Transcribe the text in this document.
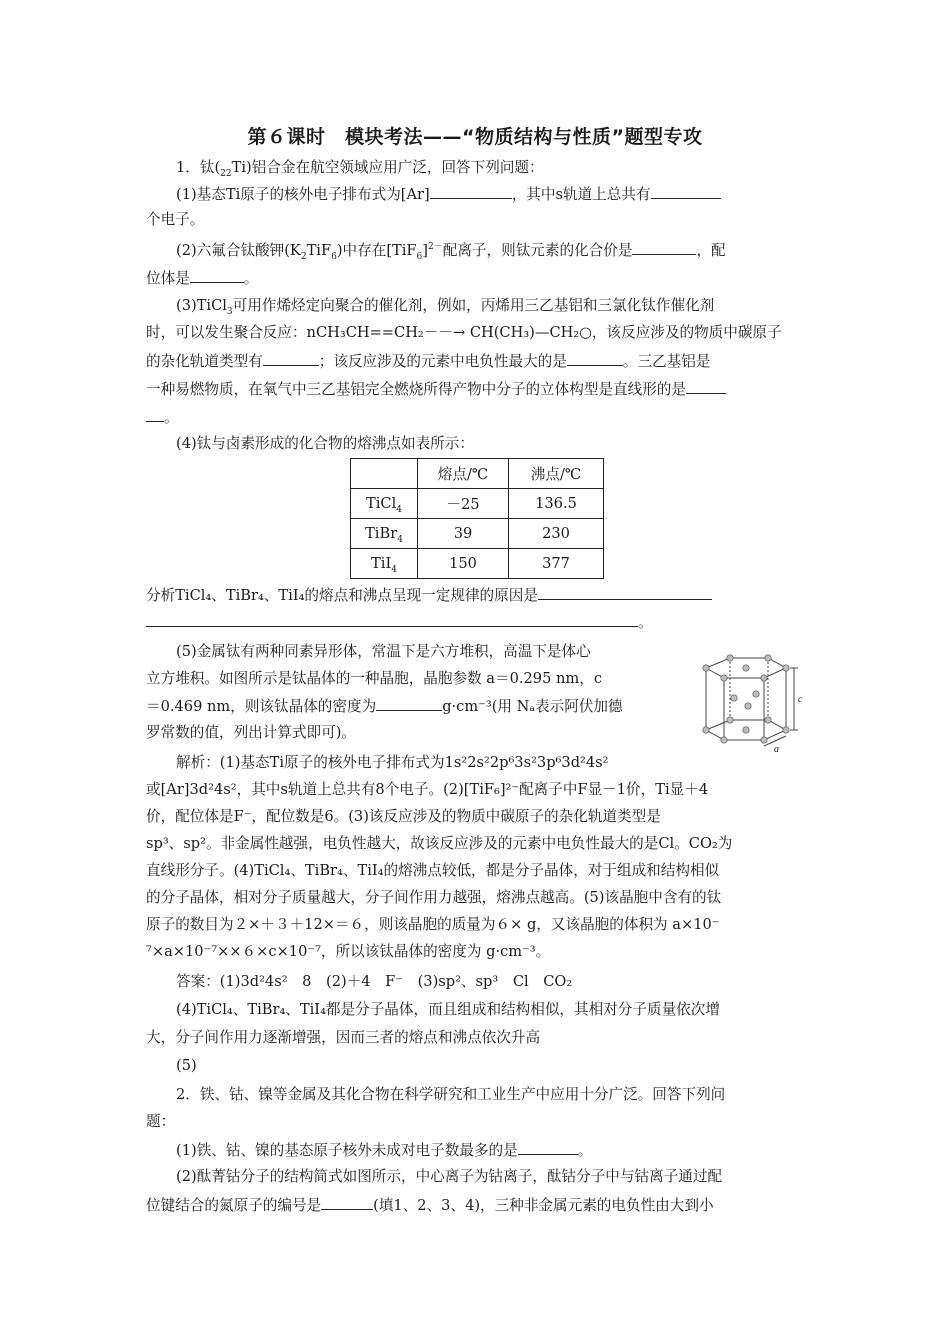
第６课时　模块考法——“物质结构与性质”题型专攻
1．钛$(_{22}Ti)$铝合金在航空领域应用广泛，回答下列问题：
(1)基态Ti原子的核外电子排布式为[Ar]	，其中s轨道上总共有
个电子。
(2)六氟合钛酸钾$(K_2TiF_6)$中存在$[TiF_6]^{2-}$配离子，则钛元素的化合价是	，配
位体是	。
(3)TiCl$_3$可用作烯烃定向聚合的催化剂，例如，丙烯用三乙基铝和三氯化钛作催化剂
时，可以发生聚合反应：nCH₃CH==CH₂－－→ CH(CH₃)—CH₂○，该反应涉及的物质中碳原子
的杂化轨道类型有	；该反应涉及的元素中电负性最大的是	。三乙基铝是
一种易燃物质，在氧气中三乙基铝完全燃烧所得产物中分子的立体构型是直线形的是
。
(4)钛与卤素形成的化合物的熔沸点如表所示：
	熔点/℃	沸点/℃
TiCl$_4$	－25	136.5
TiBr$_4$	39	230
TiI$_4$	150	377
分析TiCl₄、TiBr₄、TiI₄的熔点和沸点呈现一定规律的原因是
。
(5)金属钛有两种同素异形体，常温下是六方堆积，高温下是体心
立方堆积。如图所示是钛晶体的一种晶胞，晶胞参数 a＝0.295 nm，c
＝0.469 nm，则该钛晶体的密度为	g·cm⁻³(用 Nₐ表示阿伏加德
罗常数的值，列出计算式即可)。
c
a
解析：(1)基态Ti原子的核外电子排布式为1s²2s²2p⁶3s²3p⁶3d²4s²
或[Ar]3d²4s²，其中s轨道上总共有8个电子。(2)[TiF₆]²⁻配离子中F显－1价，Ti显＋4
价，配位体是F⁻，配位数是6。(3)该反应涉及的物质中碳原子的杂化轨道类型是
sp³、sp²。非金属性越强，电负性越大，故该反应涉及的元素中电负性最大的是Cl。CO₂为
直线形分子。(4)TiCl₄、TiBr₄、TiI₄的熔沸点较低，都是分子晶体，对于组成和结构相似
的分子晶体，相对分子质量越大，分子间作用力越强，熔沸点越高。(5)该晶胞中含有的钛
原子的数目为２×＋３＋12×＝６，则该晶胞的质量为６× g，又该晶胞的体积为 a×10⁻
⁷×a×10⁻⁷××６×c×10⁻⁷，所以该钛晶体的密度为 g·cm⁻³。
答案：(1)3d²4s²　8　(2)＋4　F⁻　(3)sp²、sp³　Cl　CO₂
(4)TiCl₄、TiBr₄、TiI₄都是分子晶体，而且组成和结构相似，其相对分子质量依次增
大，分子间作用力逐渐增强，因而三者的熔点和沸点依次升高
(5)
2．铁、钴、镍等金属及其化合物在科学研究和工业生产中应用十分广泛。回答下列问
题：
(1)铁、钴、镍的基态原子核外未成对电子数最多的是	。
(2)酞菁钴分子的结构简式如图所示，中心离子为钴离子，酞钴分子中与钴离子通过配
位键结合的氮原子的编号是	(填1、2、3、4)，三种非金属元素的电负性由大到小
